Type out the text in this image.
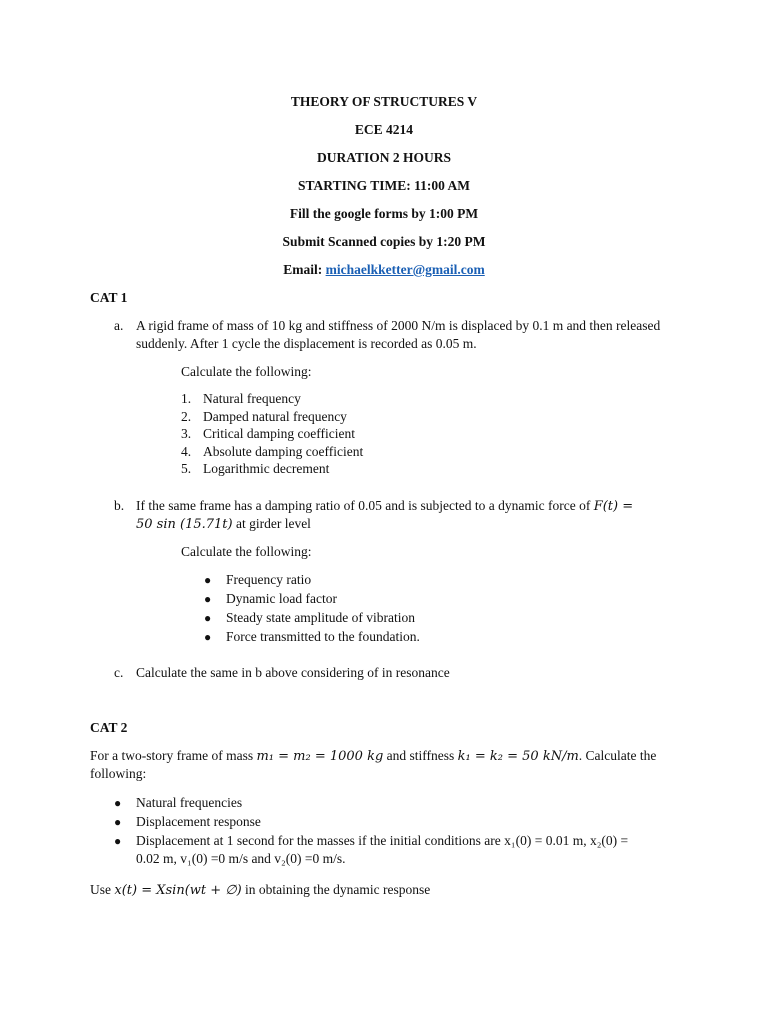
THEORY OF STRUCTURES V
ECE 4214
DURATION 2 HOURS
STARTING TIME: 11:00 AM
Fill the google forms by 1:00 PM
Submit Scanned copies by 1:20 PM
Email: michaelkketter@gmail.com
CAT 1
a. A rigid frame of mass of 10 kg and stiffness of 2000 N/m is displaced by 0.1 m and then released
suddenly. After 1 cycle the displacement is recorded as 0.05 m.
Calculate the following:
1. Natural frequency
2. Damped natural frequency
3. Critical damping coefficient
4. Absolute damping coefficient
5. Logarithmic decrement
b. If the same frame has a damping ratio of 0.05 and is subjected to a dynamic force of F(t) =
50 sin (15.71t) at girder level
Calculate the following:
● Frequency ratio
● Dynamic load factor
● Steady state amplitude of vibration
● Force transmitted to the foundation.
c. Calculate the same in b above considering of in resonance
CAT 2
For a two-story frame of mass m₁ = m₂ = 1000 kg and stiffness k₁ = k₂ = 50 kN/m. Calculate the
following:
● Natural frequencies
● Displacement response
● Displacement at 1 second for the masses if the initial conditions are x₁(0) = 0.01 m, x₂(0) =
0.02 m, v₁(0) =0 m/s and v₂(0) =0 m/s.
Use x(t) = Xsin(wt + ∅) in obtaining the dynamic response
